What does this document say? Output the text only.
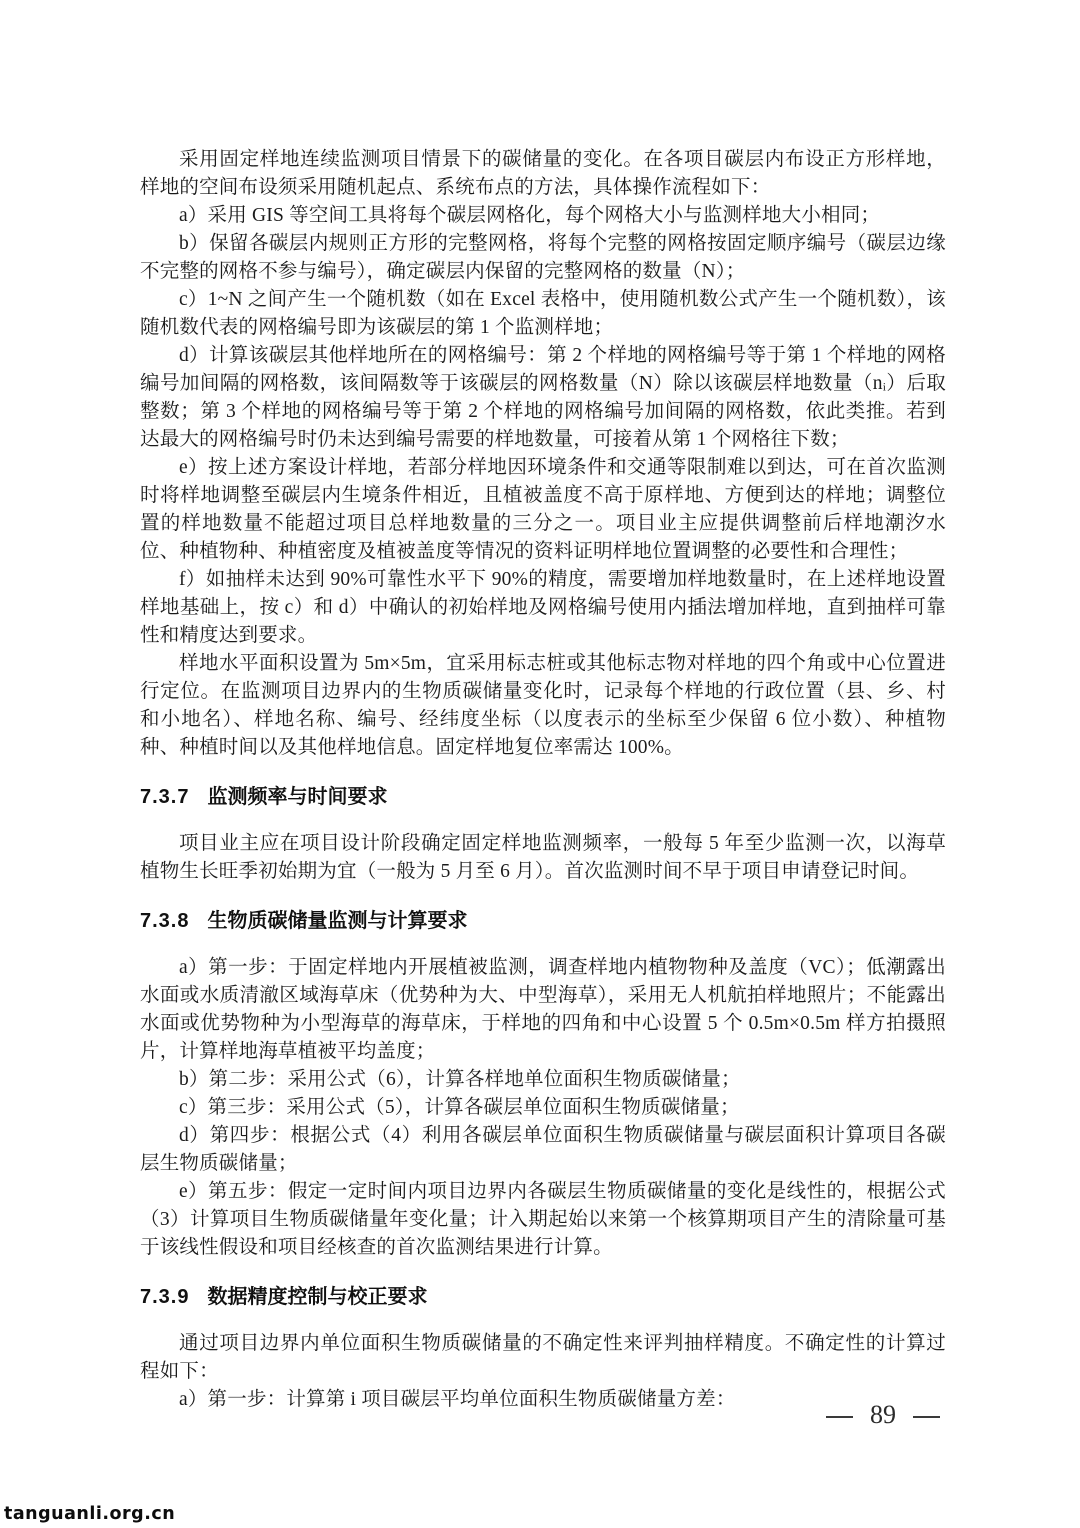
采用固定样地连续监测项目情景下的碳储量的变化。在各项目碳层内布设正方形样地，样地的空间布设须采用随机起点、系统布点的方法，具体操作流程如下：

a）采用 GIS 等空间工具将每个碳层网格化，每个网格大小与监测样地大小相同；

b）保留各碳层内规则正方形的完整网格，将每个完整的网格按固定顺序编号（碳层边缘不完整的网格不参与编号），确定碳层内保留的完整网格的数量（N）；

c）1~N 之间产生一个随机数（如在 Excel 表格中，使用随机数公式产生一个随机数），该随机数代表的网格编号即为该碳层的第 1 个监测样地；

d）计算该碳层其他样地所在的网格编号：第 2 个样地的网格编号等于第 1 个样地的网格编号加间隔的网格数，该间隔数等于该碳层的网格数量（N）除以该碳层样地数量（nᵢ）后取整数；第 3 个样地的网格编号等于第 2 个样地的网格编号加间隔的网格数，依此类推。若到达最大的网格编号时仍未达到编号需要的样地数量，可接着从第 1 个网格往下数；

e）按上述方案设计样地，若部分样地因环境条件和交通等限制难以到达，可在首次监测时将样地调整至碳层内生境条件相近，且植被盖度不高于原样地、方便到达的样地；调整位置的样地数量不能超过项目总样地数量的三分之一。项目业主应提供调整前后样地潮汐水位、种植物种、种植密度及植被盖度等情况的资料证明样地位置调整的必要性和合理性；

f）如抽样未达到 90%可靠性水平下 90%的精度，需要增加样地数量时，在上述样地设置样地基础上，按 c）和 d）中确认的初始样地及网格编号使用内插法增加样地，直到抽样可靠性和精度达到要求。

样地水平面积设置为 5m×5m，宜采用标志桩或其他标志物对样地的四个角或中心位置进行定位。在监测项目边界内的生物质碳储量变化时，记录每个样地的行政位置（县、乡、村和小地名）、样地名称、编号、经纬度坐标（以度表示的坐标至少保留 6 位小数）、种植物种、种植时间以及其他样地信息。固定样地复位率需达 100%。

7.3.7 监测频率与时间要求

项目业主应在项目设计阶段确定固定样地监测频率，一般每 5 年至少监测一次，以海草植物生长旺季初始期为宜（一般为 5 月至 6 月）。首次监测时间不早于项目申请登记时间。

7.3.8 生物质碳储量监测与计算要求

a）第一步：于固定样地内开展植被监测，调查样地内植物物种及盖度（VC）；低潮露出水面或水质清澈区域海草床（优势种为大、中型海草），采用无人机航拍样地照片；不能露出水面或优势物种为小型海草的海草床，于样地的四角和中心设置 5 个 0.5m×0.5m 样方拍摄照片，计算样地海草植被平均盖度；

b）第二步：采用公式（6），计算各样地单位面积生物质碳储量；

c）第三步：采用公式（5），计算各碳层单位面积生物质碳储量；

d）第四步：根据公式（4）利用各碳层单位面积生物质碳储量与碳层面积计算项目各碳层生物质碳储量；

e）第五步：假定一定时间内项目边界内各碳层生物质碳储量的变化是线性的，根据公式（3）计算项目生物质碳储量年变化量；计入期起始以来第一个核算期项目产生的清除量可基于该线性假设和项目经核查的首次监测结果进行计算。

7.3.9 数据精度控制与校正要求

通过项目边界内单位面积生物质碳储量的不确定性来评判抽样精度。不确定性的计算过程如下：

a）第一步：计算第 i 项目碳层平均单位面积生物质碳储量方差：

89
tanguanli.org.cn
